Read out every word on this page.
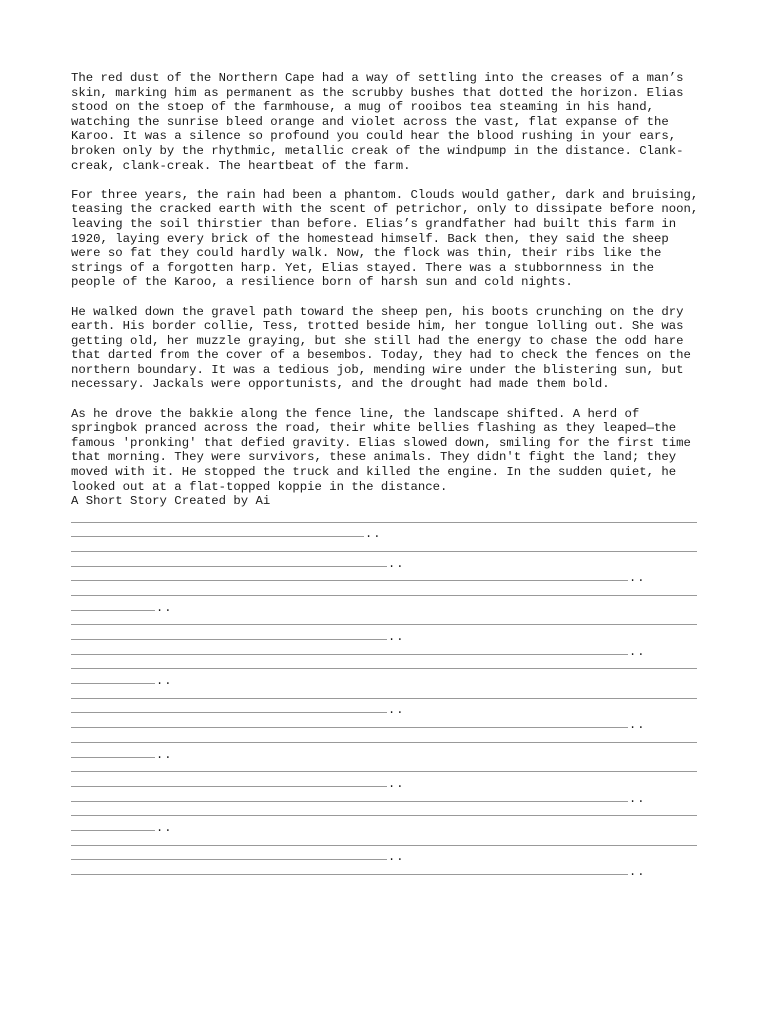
The red dust of the Northern Cape had a way of settling into the creases of a man’s skin, marking him as permanent as the scrubby bushes that dotted the horizon. Elias stood on the stoep of the farmhouse, a mug of rooibos tea steaming in his hand, watching the sunrise bleed orange and violet across the vast, flat expanse of the Karoo. It was a silence so profound you could hear the blood rushing in your ears, broken only by the rhythmic, metallic creak of the windpump in the distance. Clank-creak, clank-creak. The heartbeat of the farm.

For three years, the rain had been a phantom. Clouds would gather, dark and bruising, teasing the cracked earth with the scent of petrichor, only to dissipate before noon, leaving the soil thirstier than before. Elias’s grandfather had built this farm in 1920, laying every brick of the homestead himself. Back then, they said the sheep were so fat they could hardly walk. Now, the flock was thin, their ribs like the strings of a forgotten harp. Yet, Elias stayed. There was a stubbornness in the people of the Karoo, a resilience born of harsh sun and cold nights.

He walked down the gravel path toward the sheep pen, his boots crunching on the dry earth. His border collie, Tess, trotted beside him, her tongue lolling out. She was getting old, her muzzle graying, but she still had the energy to chase the odd hare that darted from the cover of a besembos. Today, they had to check the fences on the northern boundary. It was a tedious job, mending wire under the blistering sun, but necessary. Jackals were opportunists, and the drought had made them bold.

As he drove the bakkie along the fence line, the landscape shifted. A herd of springbok pranced across the road, their white bellies flashing as they leaped—the famous 'pronking' that defied gravity. Elias slowed down, smiling for the first time that morning. They were survivors, these animals. They didn't fight the land; they moved with it. He stopped the truck and killed the engine. In the sudden quiet, he looked out at a flat-topped koppie in the distance.

A Short Story Created by Ai

..
..
..
..
..
..
..
..
..
..
..
..
..
..
..
